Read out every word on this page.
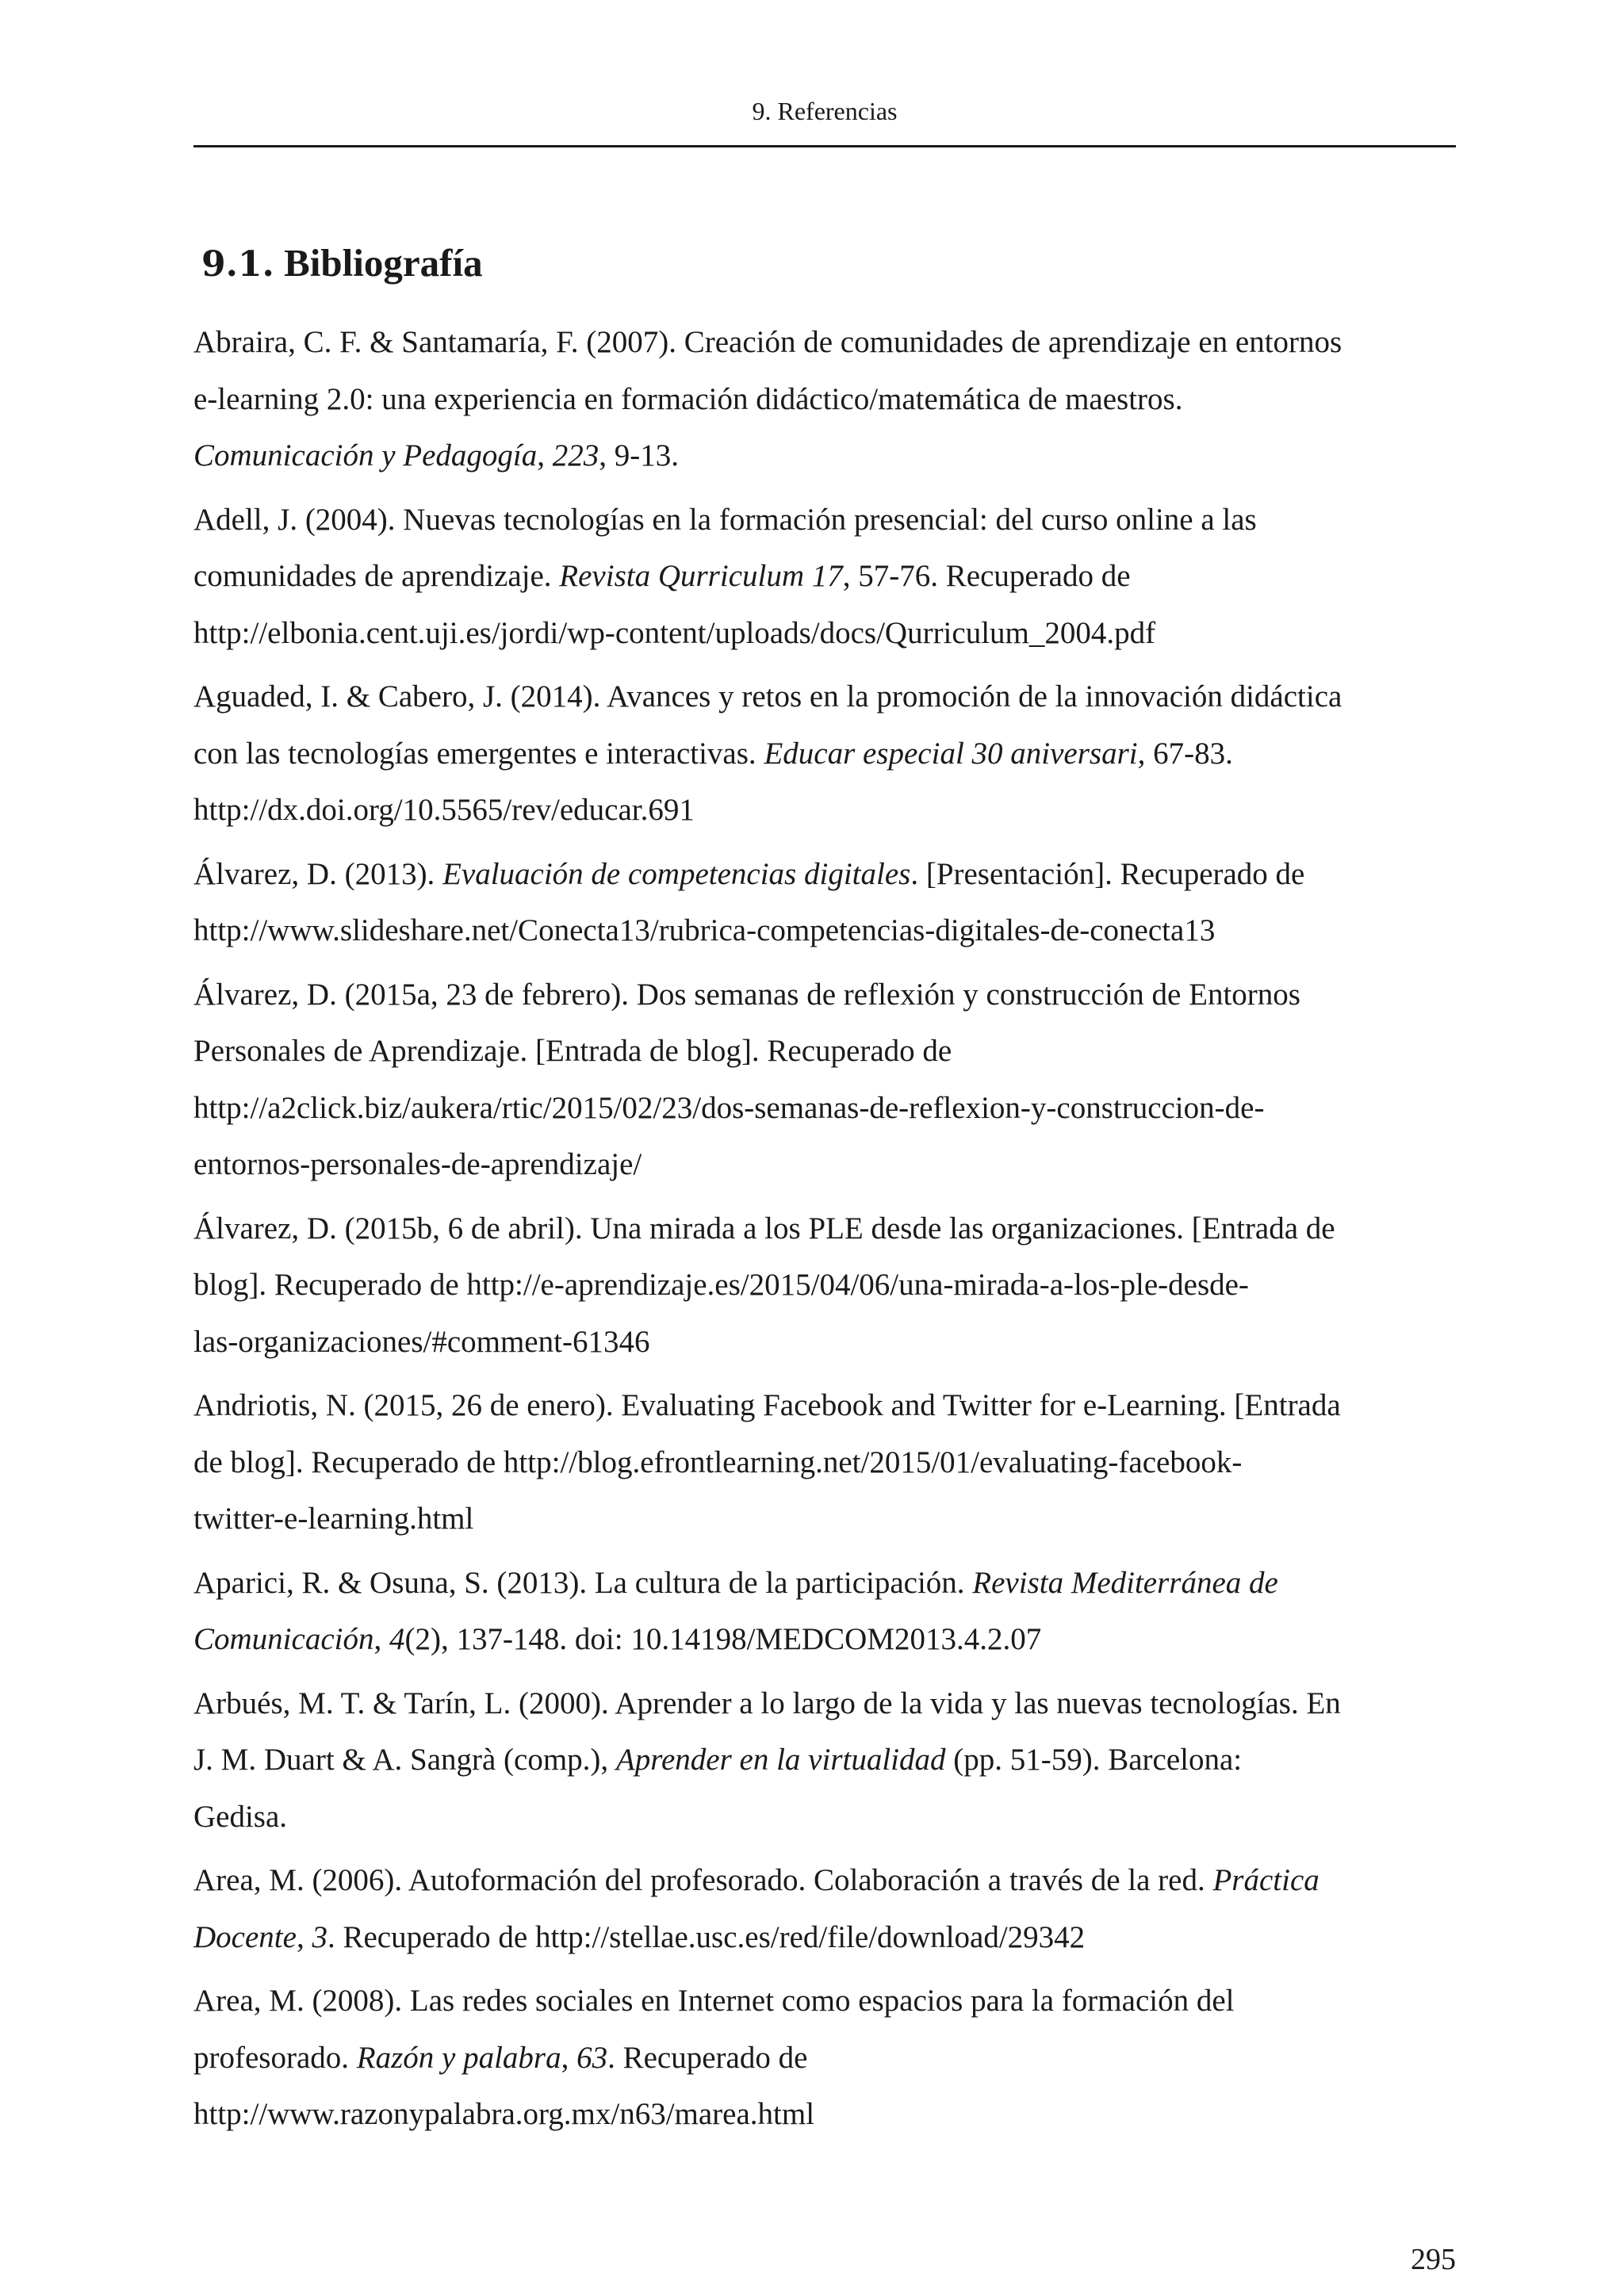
9. Referencias
9.1. Bibliografía
Abraira, C. F. & Santamaría, F. (2007). Creación de comunidades de aprendizaje en entornos
e-learning 2.0: una experiencia en formación didáctico/matemática de maestros.
Comunicación y Pedagogía, 223, 9-13.
Adell, J. (2004). Nuevas tecnologías en la formación presencial: del curso online a las
comunidades de aprendizaje. Revista Qurriculum 17, 57-76. Recuperado de
http://elbonia.cent.uji.es/jordi/wp-content/uploads/docs/Qurriculum_2004.pdf
Aguaded, I. & Cabero, J. (2014). Avances y retos en la promoción de la innovación didáctica
con las tecnologías emergentes e interactivas. Educar especial 30 aniversari, 67-83.
http://dx.doi.org/10.5565/rev/educar.691
Álvarez, D. (2013). Evaluación de competencias digitales. [Presentación]. Recuperado de
http://www.slideshare.net/Conecta13/rubrica-competencias-digitales-de-conecta13
Álvarez, D. (2015a, 23 de febrero). Dos semanas de reflexión y construcción de Entornos
Personales de Aprendizaje. [Entrada de blog]. Recuperado de
http://a2click.biz/aukera/rtic/2015/02/23/dos-semanas-de-reflexion-y-construccion-de-
entornos-personales-de-aprendizaje/
Álvarez, D. (2015b, 6 de abril). Una mirada a los PLE desde las organizaciones. [Entrada de
blog]. Recuperado de http://e-aprendizaje.es/2015/04/06/una-mirada-a-los-ple-desde-
las-organizaciones/#comment-61346
Andriotis, N. (2015, 26 de enero). Evaluating Facebook and Twitter for e-Learning. [Entrada
de blog]. Recuperado de http://blog.efrontlearning.net/2015/01/evaluating-facebook-
twitter-e-learning.html
Aparici, R. & Osuna, S. (2013). La cultura de la participación. Revista Mediterránea de
Comunicación, 4(2), 137-148. doi: 10.14198/MEDCOM2013.4.2.07
Arbués, M. T. & Tarín, L. (2000). Aprender a lo largo de la vida y las nuevas tecnologías. En
J. M. Duart & A. Sangrà (comp.), Aprender en la virtualidad (pp. 51-59). Barcelona:
Gedisa.
Area, M. (2006). Autoformación del profesorado. Colaboración a través de la red. Práctica
Docente, 3. Recuperado de http://stellae.usc.es/red/file/download/29342
Area, M. (2008). Las redes sociales en Internet como espacios para la formación del
profesorado. Razón y palabra, 63. Recuperado de
http://www.razonypalabra.org.mx/n63/marea.html
295
